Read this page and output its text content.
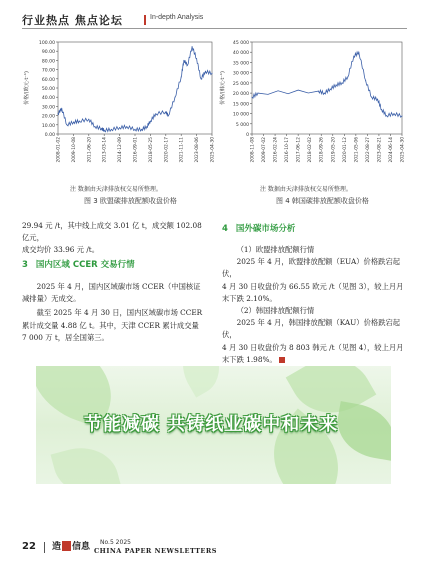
行业热点 焦点论坛	In-depth Analysis
0.00
10.00
20.00
30.00
40.00
50.00
60.00
70.00
80.00
90.00
100.00
2008-01-02 2009-10-08 2011-06-20 2013-03-14 2014-12-09 2016-09-01 2018-05-25 2020-02-17 2021-11-11 2023-08-06 2025-04-30
价格/(欧元·t⁻¹)
注 数据由天津排放权交易所整理。
图 3 欧盟碳排放配额收盘价格
0
5 000
10 000
15 000
20 000
25 000
30 000
35 000
40 000
45 000
2008-11-08 2009-07-02 2016-02-24 2016-10-17 2017-06-12 2018-02-02 2018-09-26 2019-05-20 2020-01-12 2021-05-06 2022-08-27 2023-08-21 2024-06-14 2025-04-30
价格/(韩元·t⁻¹)
注 数据由天津排放权交易所整理。
图 4 韩国碳排放配额收盘价格

29.94 元 /t，其中线上成交 3.01 亿 t，成交额 102.08 亿元，

成交均价 33.96 元 /t。

3 国内区域 CCER 交易行情

2025 年 4 月，国内区域碳市场 CCER（中国核证

减排量）无成交。

截至 2025 年 4 月 30 日，国内区域碳市场 CCER

累计成交量 4.88 亿 t。其中，天津 CCER 累计成交量

7 000 万 t，居全国第三。

4 国外碳市场分析

（1）欧盟排放配额行情

2025 年 4 月，欧盟排放配额（EUA）价格跌宕起伏，

4 月 30 日收盘价为 66.55 欧元 /t（见图 3），较上月月

末下跌 2.10%。

（2）韩国排放配额行情

2025 年 4 月，韩国排放配额（KAU）价格跌宕起伏，

4 月 30 日收盘价为 8 803 韩元 /t（见图 4），较上月月

末下跌 1.98%。

节能减碳 共铸纸业碳中和未来
22 造 信息 No.5 2025
CHINA PAPER NEWSLETTERS
